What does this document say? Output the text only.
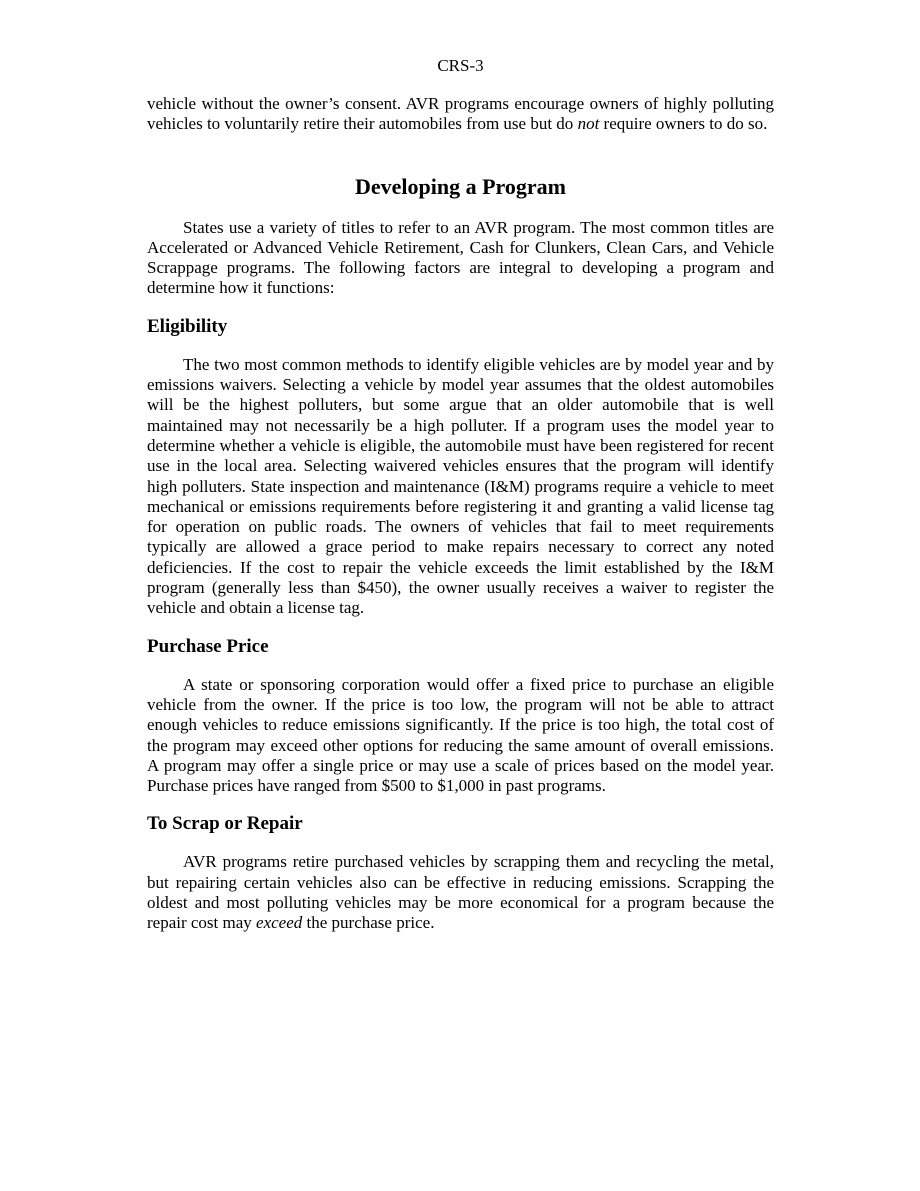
CRS-3

vehicle without the owner’s consent. AVR programs encourage owners of highly polluting vehicles to voluntarily retire their automobiles from use but do not require owners to do so.

Developing a Program

States use a variety of titles to refer to an AVR program. The most common titles are Accelerated or Advanced Vehicle Retirement, Cash for Clunkers, Clean Cars, and Vehicle Scrappage programs. The following factors are integral to developing a program and determine how it functions:

Eligibility

The two most common methods to identify eligible vehicles are by model year and by emissions waivers. Selecting a vehicle by model year assumes that the oldest automobiles will be the highest polluters, but some argue that an older automobile that is well maintained may not necessarily be a high polluter. If a program uses the model year to determine whether a vehicle is eligible, the automobile must have been registered for recent use in the local area. Selecting waivered vehicles ensures that the program will identify high polluters. State inspection and maintenance (I&M) programs require a vehicle to meet mechanical or emissions requirements before registering it and granting a valid license tag for operation on public roads. The owners of vehicles that fail to meet requirements typically are allowed a grace period to make repairs necessary to correct any noted deficiencies. If the cost to repair the vehicle exceeds the limit established by the I&M program (generally less than $450), the owner usually receives a waiver to register the vehicle and obtain a license tag.

Purchase Price

A state or sponsoring corporation would offer a fixed price to purchase an eligible vehicle from the owner. If the price is too low, the program will not be able to attract enough vehicles to reduce emissions significantly. If the price is too high, the total cost of the program may exceed other options for reducing the same amount of overall emissions. A program may offer a single price or may use a scale of prices based on the model year. Purchase prices have ranged from $500 to $1,000 in past programs.

To Scrap or Repair

AVR programs retire purchased vehicles by scrapping them and recycling the metal, but repairing certain vehicles also can be effective in reducing emissions. Scrapping the oldest and most polluting vehicles may be more economical for a program because the repair cost may exceed the purchase price.
